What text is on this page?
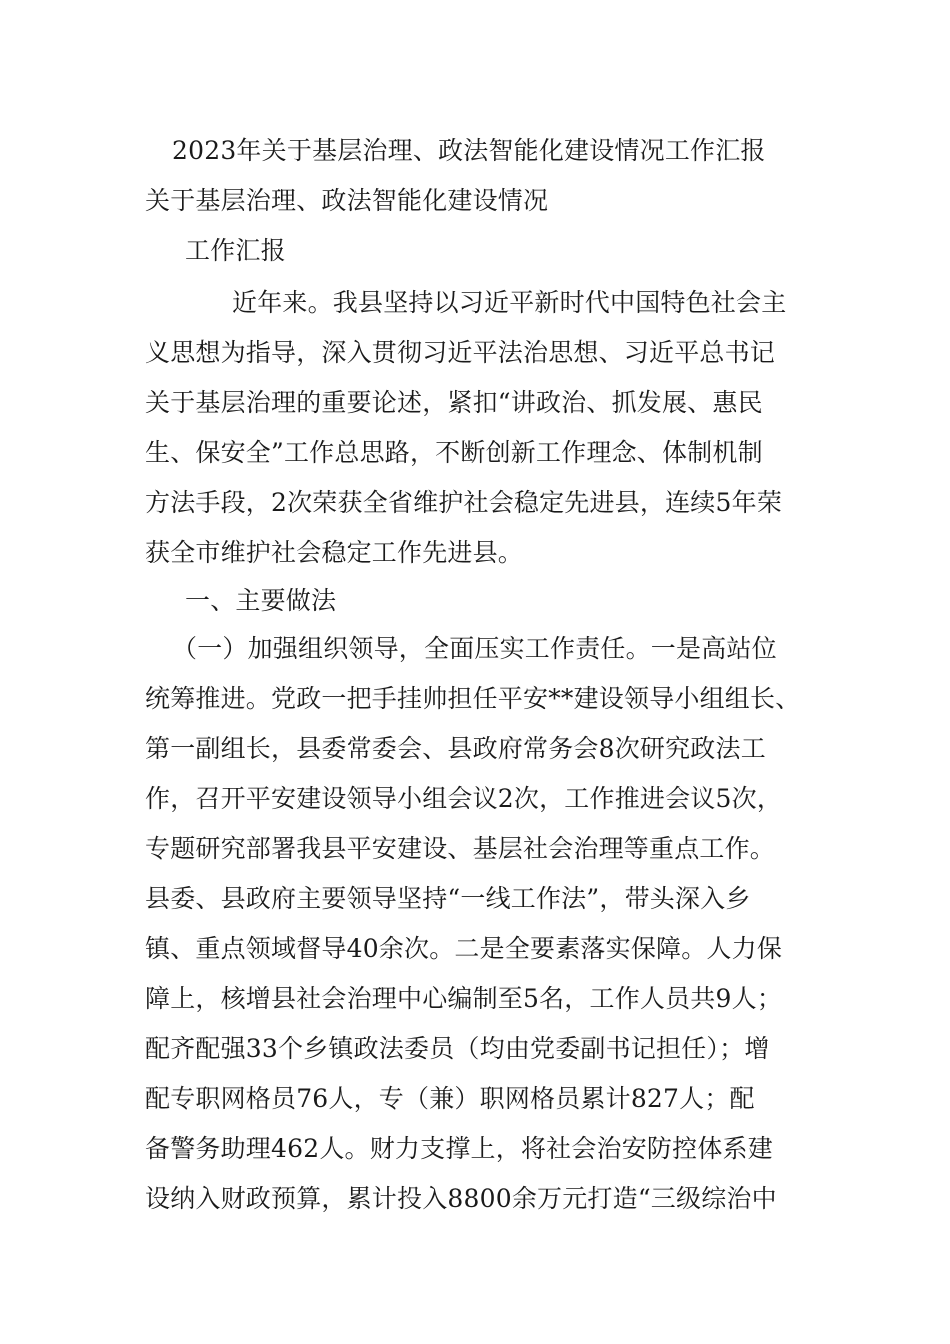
2023年关于基层治理、政法智能化建设情况工作汇报
关于基层治理、政法智能化建设情况
工作汇报
近年来。我县坚持以习近平新时代中国特色社会主
义思想为指导，深入贯彻习近平法治思想、习近平总书记
关于基层治理的重要论述，紧扣“讲政治、抓发展、惠民
生、保安全”工作总思路，不断创新工作理念、体制机制
方法手段，2次荣获全省维护社会稳定先进县，连续5年荣
获全市维护社会稳定工作先进县。
一、主要做法
（一）加强组织领导，全面压实工作责任。一是高站位
统筹推进。党政一把手挂帅担任平安**建设领导小组组长、
第一副组长，县委常委会、县政府常务会8次研究政法工
作，召开平安建设领导小组会议2次，工作推进会议5次，
专题研究部署我县平安建设、基层社会治理等重点工作。
县委、县政府主要领导坚持“一线工作法”，带头深入乡
镇、重点领域督导40余次。二是全要素落实保障。人力保
障上，核增县社会治理中心编制至5名，工作人员共9人；
配齐配强33个乡镇政法委员（均由党委副书记担任）；增
配专职网格员76人，专（兼）职网格员累计827人；配
备警务助理462人。财力支撑上，将社会治安防控体系建
设纳入财政预算，累计投入8800余万元打造“三级综治中
